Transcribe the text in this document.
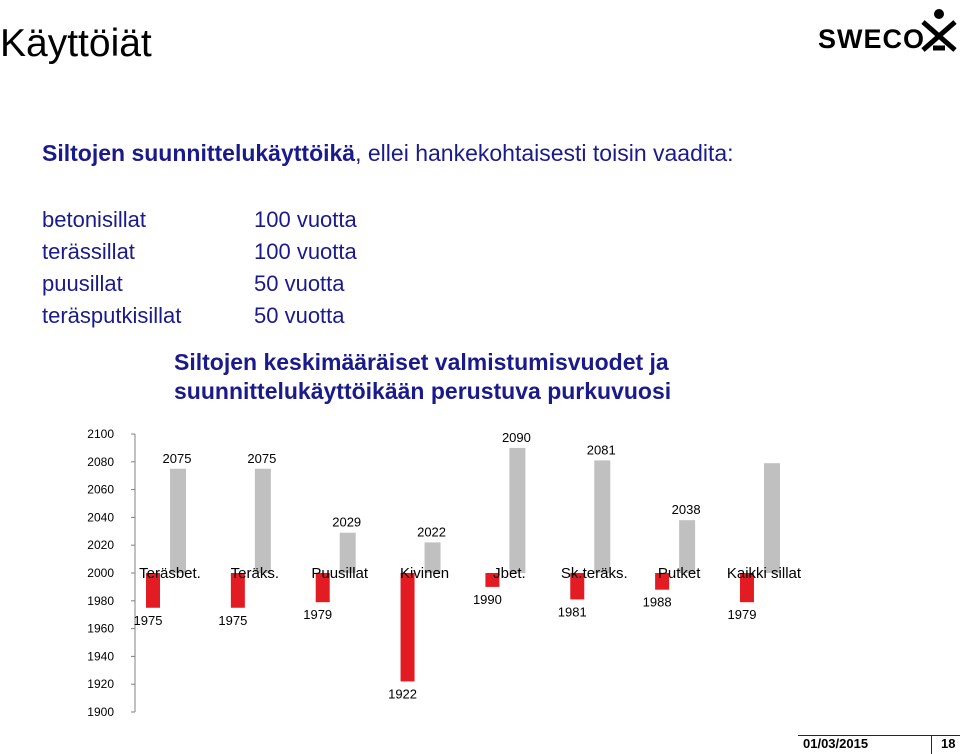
Käyttöiät	SWECO
Siltojen suunnittelukäyttöikä, ellei hankekohtaisesti toisin vaadita:
betonisillat	100 vuotta
terässillat	100 vuotta
puusillat	50 vuotta
teräsputkisillat	50 vuotta
Siltojen keskimääräiset valmistumisvuodet ja
suunnittelukäyttöikään perustuva purkuvuosi
1900
1920
1940
1960
1980
2000
2020
2040
2060
2080
2100
Teräsbet.
2075
1975
Teräks.
2075
1975
Puusillat
2029
1979
Kivinen
2022
1922
Jbet.
2090
1990
Sk.teräks.
2081
1981
Putket
2038
1988
Kaikki sillat
1979
01/03/2015	18
